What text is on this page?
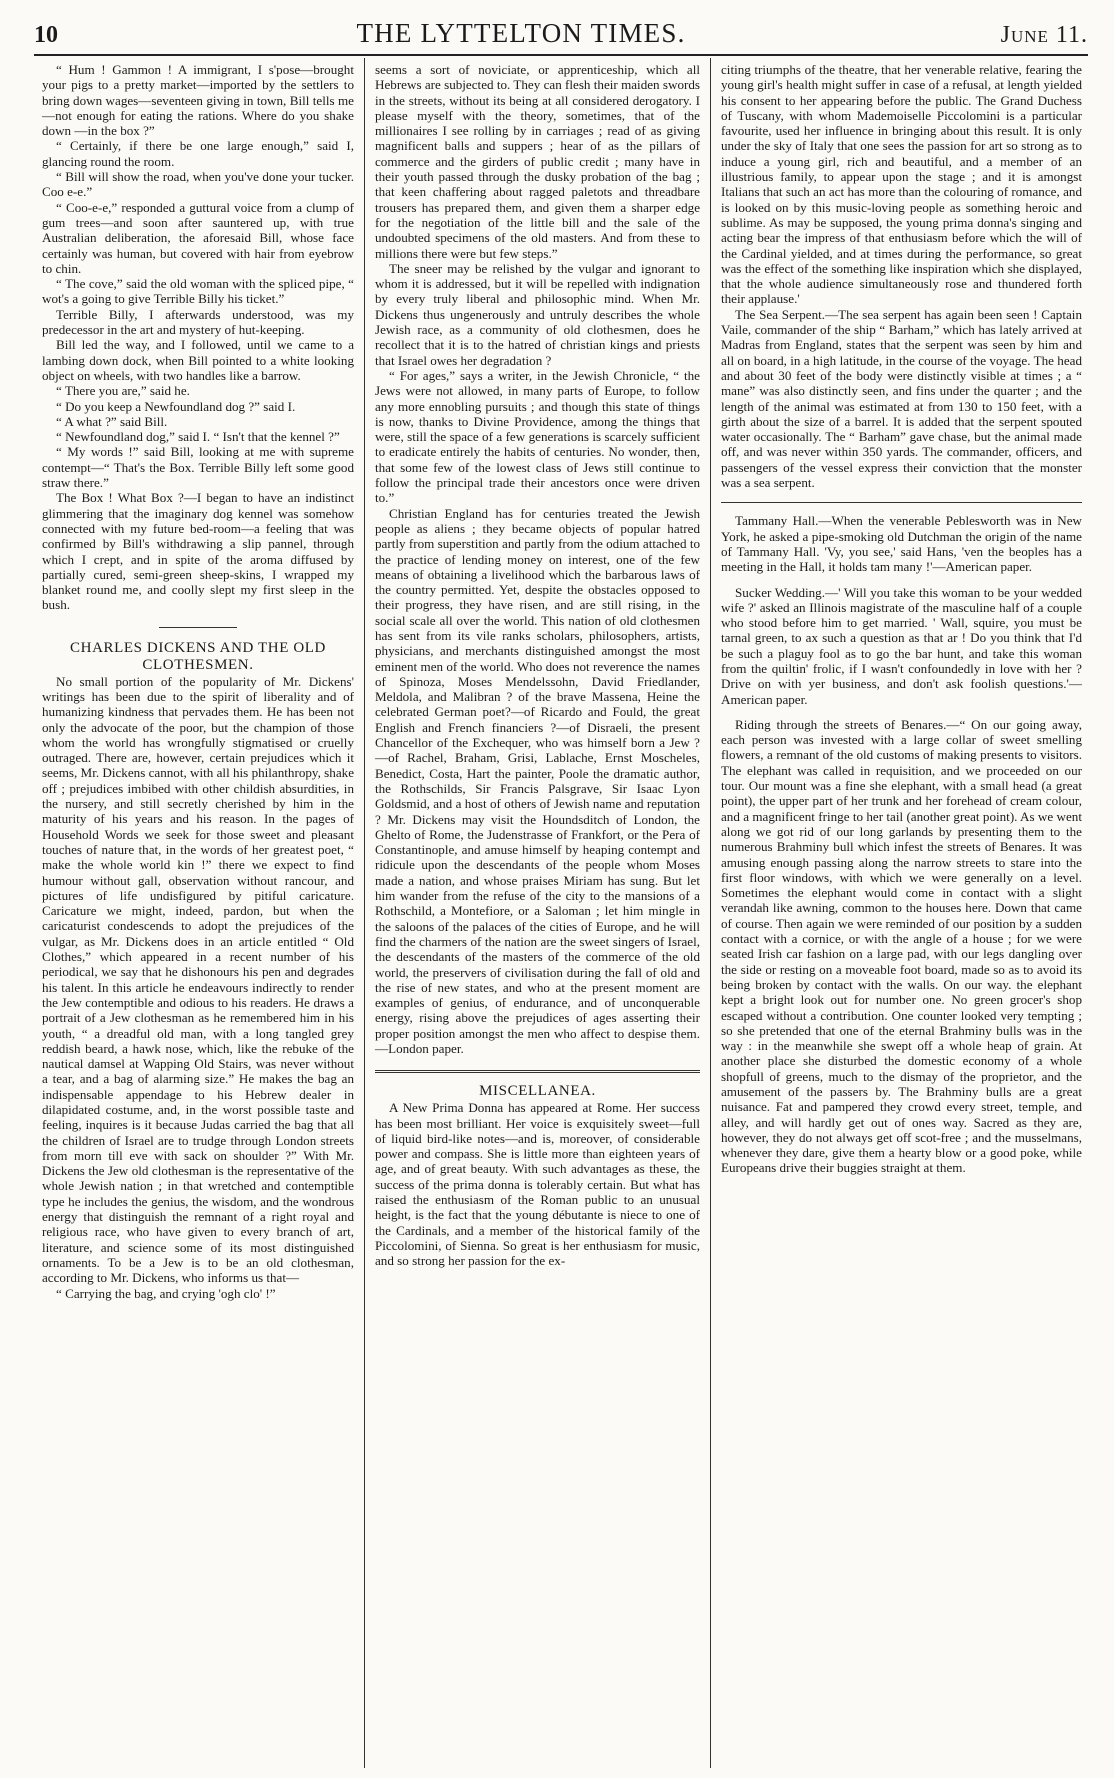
10	THE LYTTELTON TIMES.	June 11.

“ Hum ! Gammon ! A immigrant, I s'pose—brought your pigs to a pretty market—imported by the settlers to bring down wages—seventeen giving in town, Bill tells me—not enough for eating the rations. Where do you shake down —in the box ?”

“ Certainly, if there be one large enough,” said I, glancing round the room.

“ Bill will show the road, when you've done your tucker. Coo e-e.”

“ Coo-e-e,” responded a guttural voice from a clump of gum trees—and soon after sauntered up, with true Australian deliberation, the aforesaid Bill, whose face certainly was human, but covered with hair from eyebrow to chin.

“ The cove,” said the old woman with the spliced pipe, “ wot's a going to give Terrible Billy his ticket.”

Terrible Billy, I afterwards understood, was my predecessor in the art and mystery of hut-keeping.

Bill led the way, and I followed, until we came to a lambing down dock, when Bill pointed to a white looking object on wheels, with two handles like a barrow.

“ There you are,” said he.

“ Do you keep a Newfoundland dog ?” said I.

“ A what ?” said Bill.

“ Newfoundland dog,” said I. “ Isn't that the kennel ?”

“ My words !” said Bill, looking at me with supreme contempt—“ That's the Box. Terrible Billy left some good straw there.”

The Box ! What Box ?—I began to have an indistinct glimmering that the imaginary dog kennel was somehow connected with my future bed-room—a feeling that was confirmed by Bill's withdrawing a slip pannel, through which I crept, and in spite of the aroma diffused by partially cured, semi-green sheep-skins, I wrapped my blanket round me, and coolly slept my first sleep in the bush.

CHARLES DICKENS AND THE OLD CLOTHESMEN.

No small portion of the popularity of Mr. Dickens' writings has been due to the spirit of liberality and of humanizing kindness that pervades them. He has been not only the advocate of the poor, but the champion of those whom the world has wrongfully stigmatised or cruelly outraged. There are, however, certain prejudices which it seems, Mr. Dickens cannot, with all his philanthropy, shake off ; prejudices imbibed with other childish absurdities, in the nursery, and still secretly cherished by him in the maturity of his years and his reason. In the pages of Household Words we seek for those sweet and pleasant touches of nature that, in the words of her greatest poet, “ make the whole world kin !” there we expect to find humour without gall, observation without rancour, and pictures of life undisfigured by pitiful caricature. Caricature we might, indeed, pardon, but when the caricaturist condescends to adopt the prejudices of the vulgar, as Mr. Dickens does in an article entitled “ Old Clothes,” which appeared in a recent number of his periodical, we say that he dishonours his pen and degrades his talent. In this article he endeavours indirectly to render the Jew contemptible and odious to his readers. He draws a portrait of a Jew clothesman as he remembered him in his youth, “ a dreadful old man, with a long tangled grey reddish beard, a hawk nose, which, like the rebuke of the nautical damsel at Wapping Old Stairs, was never without a tear, and a bag of alarming size.” He makes the bag an indispensable appendage to his Hebrew dealer in dilapidated costume, and, in the worst possible taste and feeling, inquires is it because Judas carried the bag that all the children of Israel are to trudge through London streets from morn till eve with sack on shoulder ?” With Mr. Dickens the Jew old clothesman is the representative of the whole Jewish nation ; in that wretched and contemptible type he includes the genius, the wisdom, and the wondrous energy that distinguish the remnant of a right royal and religious race, who have given to every branch of art, literature, and science some of its most distinguished ornaments. To be a Jew is to be an old clothesman, according to Mr. Dickens, who informs us that—

“ Carrying the bag, and crying 'ogh clo' !”

seems a sort of noviciate, or apprenticeship, which all Hebrews are subjected to. They can flesh their maiden swords in the streets, without its being at all considered derogatory. I please myself with the theory, sometimes, that of the millionaires I see rolling by in carriages ; read of as giving magnificent balls and suppers ; hear of as the pillars of commerce and the girders of public credit ; many have in their youth passed through the dusky probation of the bag ; that keen chaffering about ragged paletots and threadbare trousers has prepared them, and given them a sharper edge for the negotiation of the little bill and the sale of the undoubted specimens of the old masters. And from these to millions there were but few steps.”

The sneer may be relished by the vulgar and ignorant to whom it is addressed, but it will be repelled with indignation by every truly liberal and philosophic mind. When Mr. Dickens thus ungenerously and untruly describes the whole Jewish race, as a community of old clothesmen, does he recollect that it is to the hatred of christian kings and priests that Israel owes her degradation ?

“ For ages,” says a writer, in the Jewish Chronicle, “ the Jews were not allowed, in many parts of Europe, to follow any more ennobling pursuits ; and though this state of things is now, thanks to Divine Providence, among the things that were, still the space of a few generations is scarcely sufficient to eradicate entirely the habits of centuries. No wonder, then, that some few of the lowest class of Jews still continue to follow the principal trade their ancestors once were driven to.”

Christian England has for centuries treated the Jewish people as aliens ; they became objects of popular hatred partly from superstition and partly from the odium attached to the practice of lending money on interest, one of the few means of obtaining a livelihood which the barbarous laws of the country permitted. Yet, despite the obstacles opposed to their progress, they have risen, and are still rising, in the social scale all over the world. This nation of old clothesmen has sent from its vile ranks scholars, philosophers, artists, physicians, and merchants distinguished amongst the most eminent men of the world. Who does not reverence the names of Spinoza, Moses Mendelssohn, David Friedlander, Meldola, and Malibran ? of the brave Massena, Heine the celebrated German poet?—of Ricardo and Fould, the great English and French financiers ?—of Disraeli, the present Chancellor of the Exchequer, who was himself born a Jew ?—of Rachel, Braham, Grisi, Lablache, Ernst Moscheles, Benedict, Costa, Hart the painter, Poole the dramatic author, the Rothschilds, Sir Francis Palsgrave, Sir Isaac Lyon Goldsmid, and a host of others of Jewish name and reputation ? Mr. Dickens may visit the Houndsditch of London, the Ghelto of Rome, the Judenstrasse of Frankfort, or the Pera of Constantinople, and amuse himself by heaping contempt and ridicule upon the descendants of the people whom Moses made a nation, and whose praises Miriam has sung. But let him wander from the refuse of the city to the mansions of a Rothschild, a Montefiore, or a Saloman ; let him mingle in the saloons of the palaces of the cities of Europe, and he will find the charmers of the nation are the sweet singers of Israel, the descendants of the masters of the commerce of the old world, the preservers of civilisation during the fall of old and the rise of new states, and who at the present moment are examples of genius, of endurance, and of unconquerable energy, rising above the prejudices of ages asserting their proper position amongst the men who affect to despise them.—London paper.

MISCELLANEA.

A New Prima Donna has appeared at Rome. Her success has been most brilliant. Her voice is exquisitely sweet—full of liquid bird-like notes—and is, moreover, of considerable power and compass. She is little more than eighteen years of age, and of great beauty. With such advantages as these, the success of the prima donna is tolerably certain. But what has raised the enthusiasm of the Roman public to an unusual height, is the fact that the young débutante is niece to one of the Cardinals, and a member of the historical family of the Piccolomini, of Sienna. So great is her enthusiasm for music, and so strong her passion for the ex-

citing triumphs of the theatre, that her venerable relative, fearing the young girl's health might suffer in case of a refusal, at length yielded his consent to her appearing before the public. The Grand Duchess of Tuscany, with whom Mademoiselle Piccolomini is a particular favourite, used her influence in bringing about this result. It is only under the sky of Italy that one sees the passion for art so strong as to induce a young girl, rich and beautiful, and a member of an illustrious family, to appear upon the stage ; and it is amongst Italians that such an act has more than the colouring of romance, and is looked on by this music-loving people as something heroic and sublime. As may be supposed, the young prima donna's singing and acting bear the impress of that enthusiasm before which the will of the Cardinal yielded, and at times during the performance, so great was the effect of the something like inspiration which she displayed, that the whole audience simultaneously rose and thundered forth their applause.'

The Sea Serpent.—The sea serpent has again been seen ! Captain Vaile, commander of the ship “ Barham,” which has lately arrived at Madras from England, states that the serpent was seen by him and all on board, in a high latitude, in the course of the voyage. The head and about 30 feet of the body were distinctly visible at times ; a “ mane” was also distinctly seen, and fins under the quarter ; and the length of the animal was estimated at from 130 to 150 feet, with a girth about the size of a barrel. It is added that the serpent spouted water occasionally. The “ Barham” gave chase, but the animal made off, and was never within 350 yards. The commander, officers, and passengers of the vessel express their conviction that the monster was a sea serpent.

Tammany Hall.—When the venerable Peblesworth was in New York, he asked a pipe-smoking old Dutchman the origin of the name of Tammany Hall. 'Vy, you see,' said Hans, 'ven the beoples has a meeting in the Hall, it holds tam many !'—American paper.

Sucker Wedding.—' Will you take this woman to be your wedded wife ?' asked an Illinois magistrate of the masculine half of a couple who stood before him to get married. ' Wall, squire, you must be tarnal green, to ax such a question as that ar ! Do you think that I'd be such a plaguy fool as to go the bar hunt, and take this woman from the quiltin' frolic, if I wasn't confoundedly in love with her ? Drive on with yer business, and don't ask foolish questions.'—American paper.

Riding through the streets of Benares.—“ On our going away, each person was invested with a large collar of sweet smelling flowers, a remnant of the old customs of making presents to visitors. The elephant was called in requisition, and we proceeded on our tour. Our mount was a fine she elephant, with a small head (a great point), the upper part of her trunk and her forehead of cream colour, and a magnificent fringe to her tail (another great point). As we went along we got rid of our long garlands by presenting them to the numerous Brahminy bull which infest the streets of Benares. It was amusing enough passing along the narrow streets to stare into the first floor windows, with which we were generally on a level. Sometimes the elephant would come in contact with a slight verandah like awning, common to the houses here. Down that came of course. Then again we were reminded of our position by a sudden contact with a cornice, or with the angle of a house ; for we were seated Irish car fashion on a large pad, with our legs dangling over the side or resting on a moveable foot board, made so as to avoid its being broken by contact with the walls. On our way. the elephant kept a bright look out for number one. No green grocer's shop escaped without a contribution. One counter looked very tempting ; so she pretended that one of the eternal Brahminy bulls was in the way : in the meanwhile she swept off a whole heap of grain. At another place she disturbed the domestic economy of a whole shopfull of greens, much to the dismay of the proprietor, and the amusement of the passers by. The Brahminy bulls are a great nuisance. Fat and pampered they crowd every street, temple, and alley, and will hardly get out of ones way. Sacred as they are, however, they do not always get off scot-free ; and the musselmans, whenever they dare, give them a hearty blow or a good poke, while Europeans drive their buggies straight at them.
